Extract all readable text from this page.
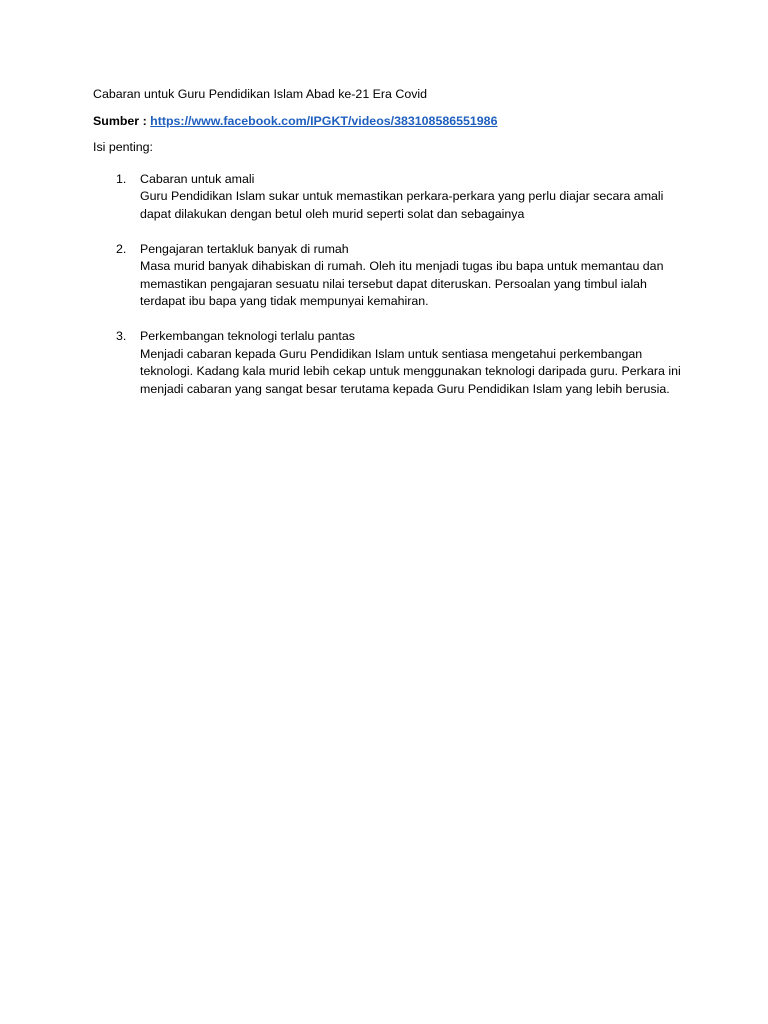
Cabaran untuk Guru Pendidikan Islam Abad ke-21 Era Covid

Sumber : https://www.facebook.com/IPGKT/videos/383108586551986

Isi penting:

1.	Cabaran untuk amali
Guru Pendidikan Islam sukar untuk memastikan perkara-perkara yang perlu diajar secara amali dapat dilakukan dengan betul oleh murid seperti solat dan sebagainya
2.	Pengajaran tertakluk banyak di rumah
Masa murid banyak dihabiskan di rumah. Oleh itu menjadi tugas ibu bapa untuk memantau dan memastikan pengajaran sesuatu nilai tersebut dapat diteruskan. Persoalan yang timbul ialah terdapat ibu bapa yang tidak mempunyai kemahiran.
3.	Perkembangan teknologi terlalu pantas
Menjadi cabaran kepada Guru Pendidikan Islam untuk sentiasa mengetahui perkembangan teknologi. Kadang kala murid lebih cekap untuk menggunakan teknologi daripada guru. Perkara ini menjadi cabaran yang sangat besar terutama kepada Guru Pendidikan Islam yang lebih berusia.
